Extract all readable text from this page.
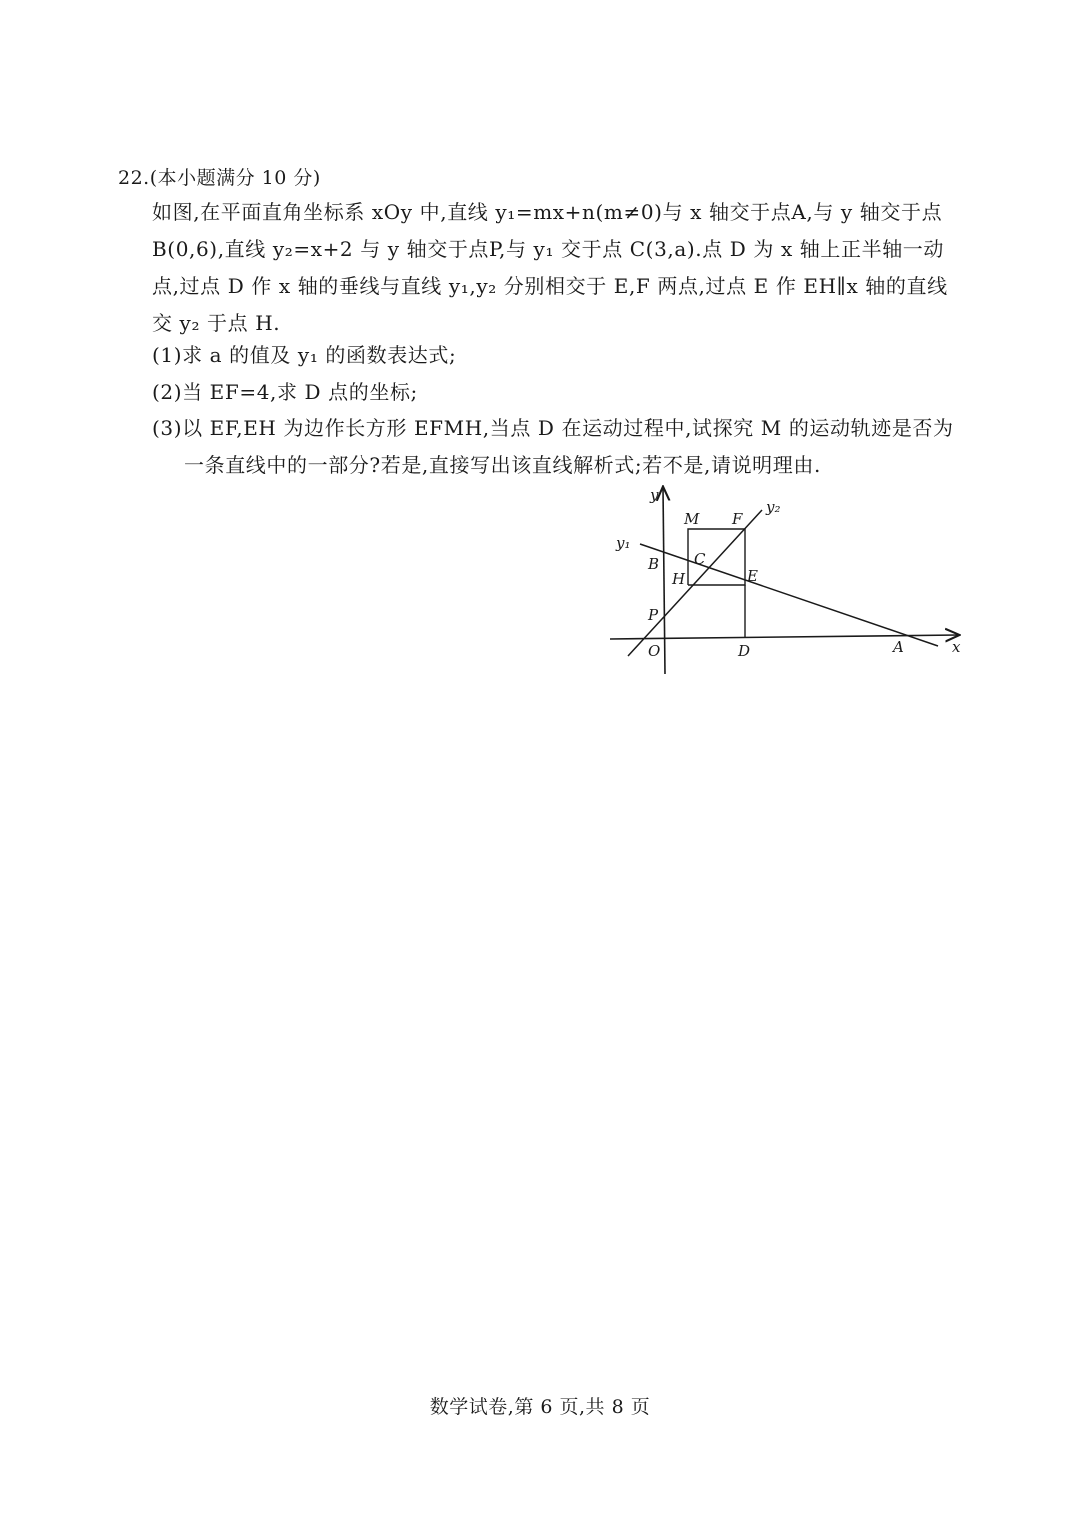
22.(本小题满分 10 分)

如图,在平面直角坐标系 xOy 中,直线 y₁=mx+n(m≠0)与 x 轴交于点A,与 y 轴交于点

B(0,6),直线 y₂=x+2 与 y 轴交于点P,与 y₁ 交于点 C(3,a).点 D 为 x 轴上正半轴一动

点,过点 D 作 x 轴的垂线与直线 y₁,y₂ 分别相交于 E,F 两点,过点 E 作 EH∥x 轴的直线

交 y₂ 于点 H.

(1)求 a 的值及 y₁ 的函数表达式;
(2)当 EF=4,求 D 点的坐标;
(3)以 EF,EH 为边作长方形 EFMH,当点 D 在运动过程中,试探究 M 的运动轨迹是否为
一条直线中的一部分?若是,直接写出该直线解析式;若不是,请说明理由.
y
x
O
y₁
y₂
M F
C
B
H	E
P
D	A
数学试卷,第 6 页,共 8 页
